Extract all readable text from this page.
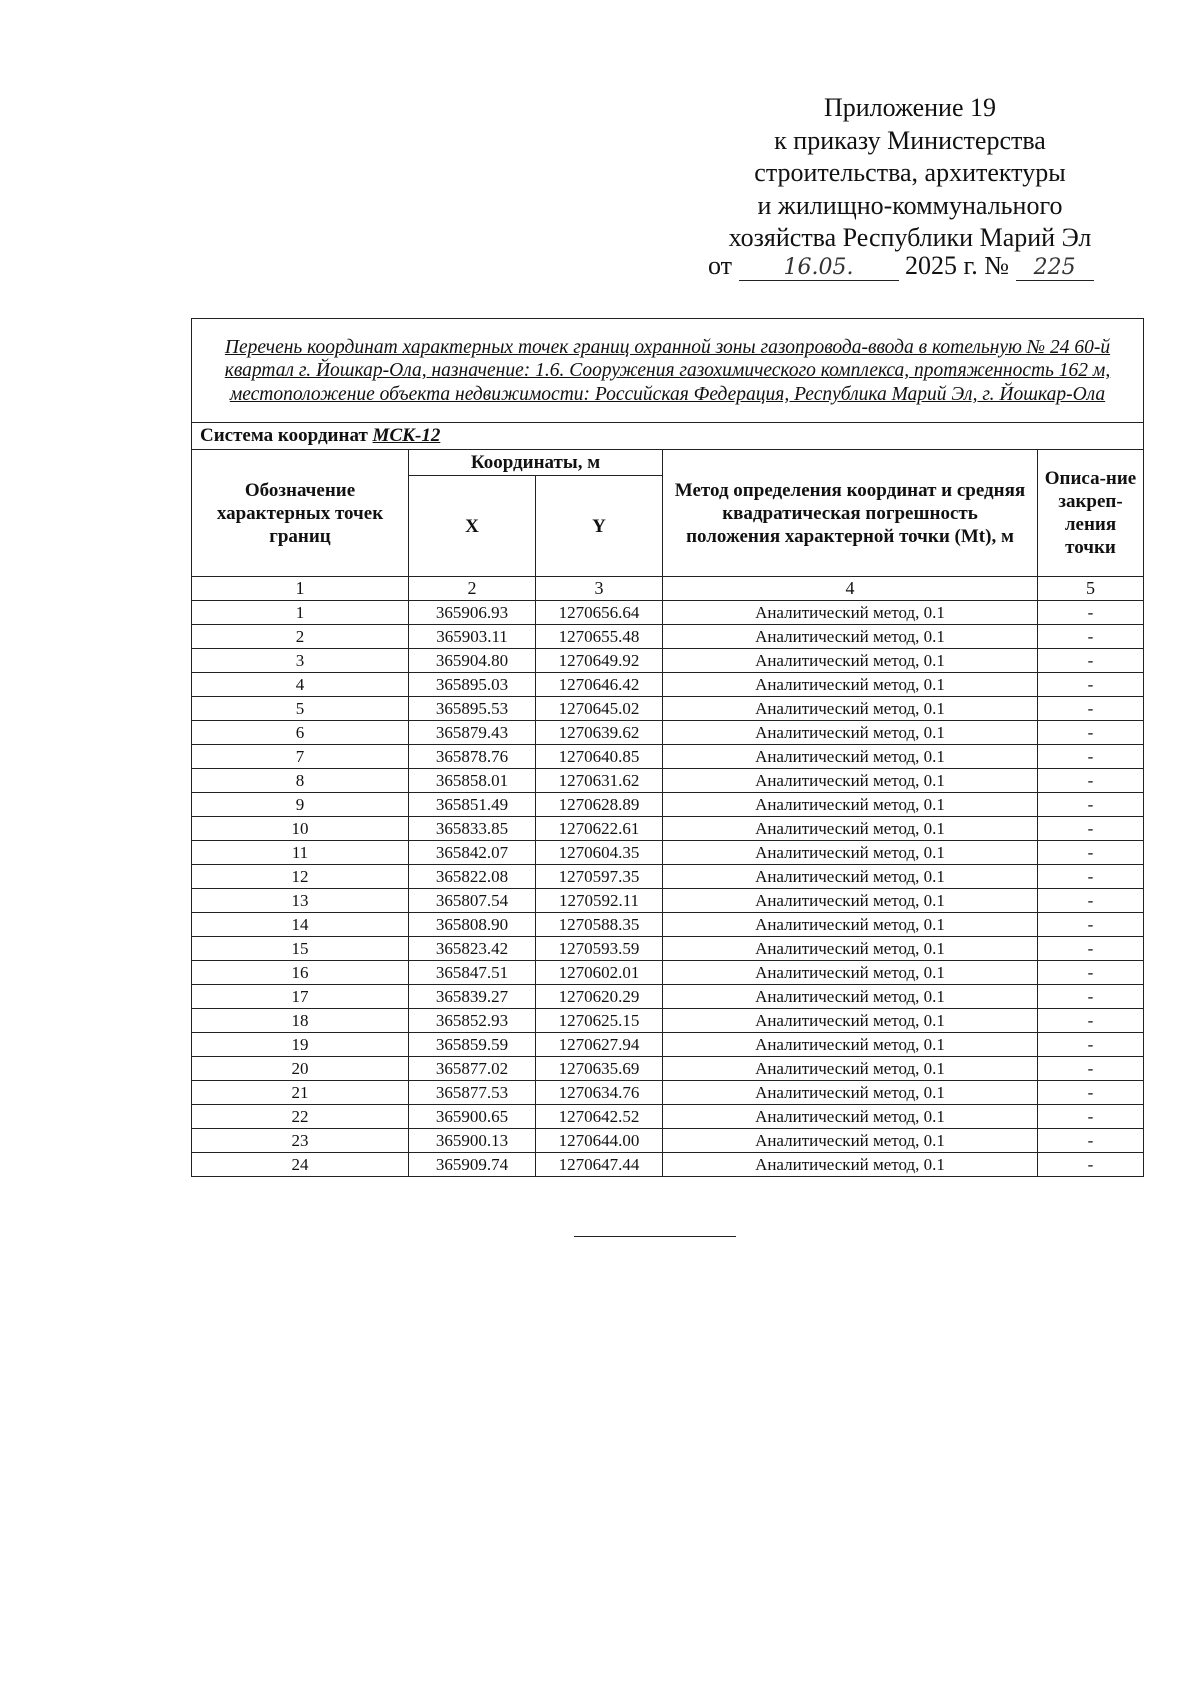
Приложение 19
к приказу Министерства
строительства, архитектуры
и жилищно-коммунального
хозяйства Республики Марий Эл
от 16.05. 2025 г. № 225
Перечень координат характерных точек границ охранной зоны газопровода-ввода в котельную № 24 60-й квартал г. Йошкар-Ола, назначение: 1.6. Сооружения газохимического комплекса, протяженность 162 м, местоположение объекта недвижимости: Российская Федерация, Республика Марий Эл, г. Йошкар-Ола				
Система координат МСК-12				
Обозначение характерных точек границ	Координаты, м		Метод определения координат и средняя квадратическая погрешность положения характерной точки (Mt), м	Описа-ние закреп-ления точки
	X	Y		
1	2	3	4	5
1	365906.93	1270656.64	Аналитический метод, 0.1	-
2	365903.11	1270655.48	Аналитический метод, 0.1	-
3	365904.80	1270649.92	Аналитический метод, 0.1	-
4	365895.03	1270646.42	Аналитический метод, 0.1	-
5	365895.53	1270645.02	Аналитический метод, 0.1	-
6	365879.43	1270639.62	Аналитический метод, 0.1	-
7	365878.76	1270640.85	Аналитический метод, 0.1	-
8	365858.01	1270631.62	Аналитический метод, 0.1	-
9	365851.49	1270628.89	Аналитический метод, 0.1	-
10	365833.85	1270622.61	Аналитический метод, 0.1	-
11	365842.07	1270604.35	Аналитический метод, 0.1	-
12	365822.08	1270597.35	Аналитический метод, 0.1	-
13	365807.54	1270592.11	Аналитический метод, 0.1	-
14	365808.90	1270588.35	Аналитический метод, 0.1	-
15	365823.42	1270593.59	Аналитический метод, 0.1	-
16	365847.51	1270602.01	Аналитический метод, 0.1	-
17	365839.27	1270620.29	Аналитический метод, 0.1	-
18	365852.93	1270625.15	Аналитический метод, 0.1	-
19	365859.59	1270627.94	Аналитический метод, 0.1	-
20	365877.02	1270635.69	Аналитический метод, 0.1	-
21	365877.53	1270634.76	Аналитический метод, 0.1	-
22	365900.65	1270642.52	Аналитический метод, 0.1	-
23	365900.13	1270644.00	Аналитический метод, 0.1	-
24	365909.74	1270647.44	Аналитический метод, 0.1	-
